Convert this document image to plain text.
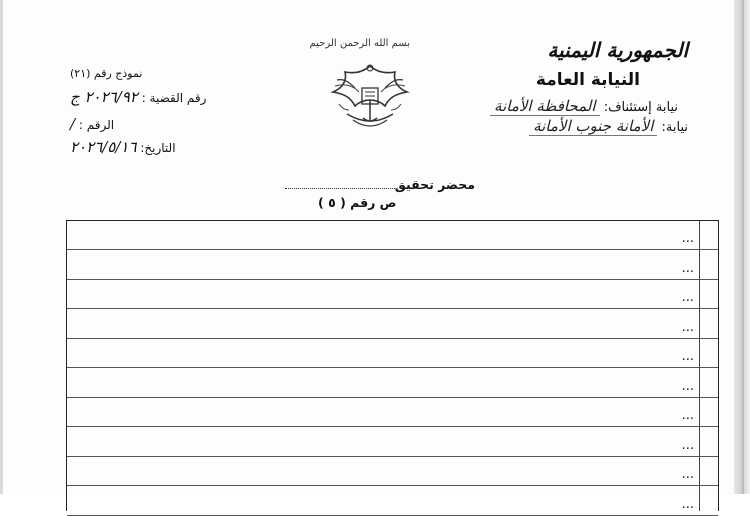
بسم الله الرحمن الرحيم	الجمهورية اليمنية
النيابة العامة
نيابة إستئناف: المحافظة الأمانة
نيابة: الأمانة جنوب الأمانة
نموذج رقم (٢١)
رقم القضية : ٢٠٢٦/٩٢ ج
الرقم : /
التاريخ: ٢٠٢٦/٥/١٦
محضر تحقيق
ص رقم ( ٥ )
...
...
...
...
...
...
...
...
...
...
